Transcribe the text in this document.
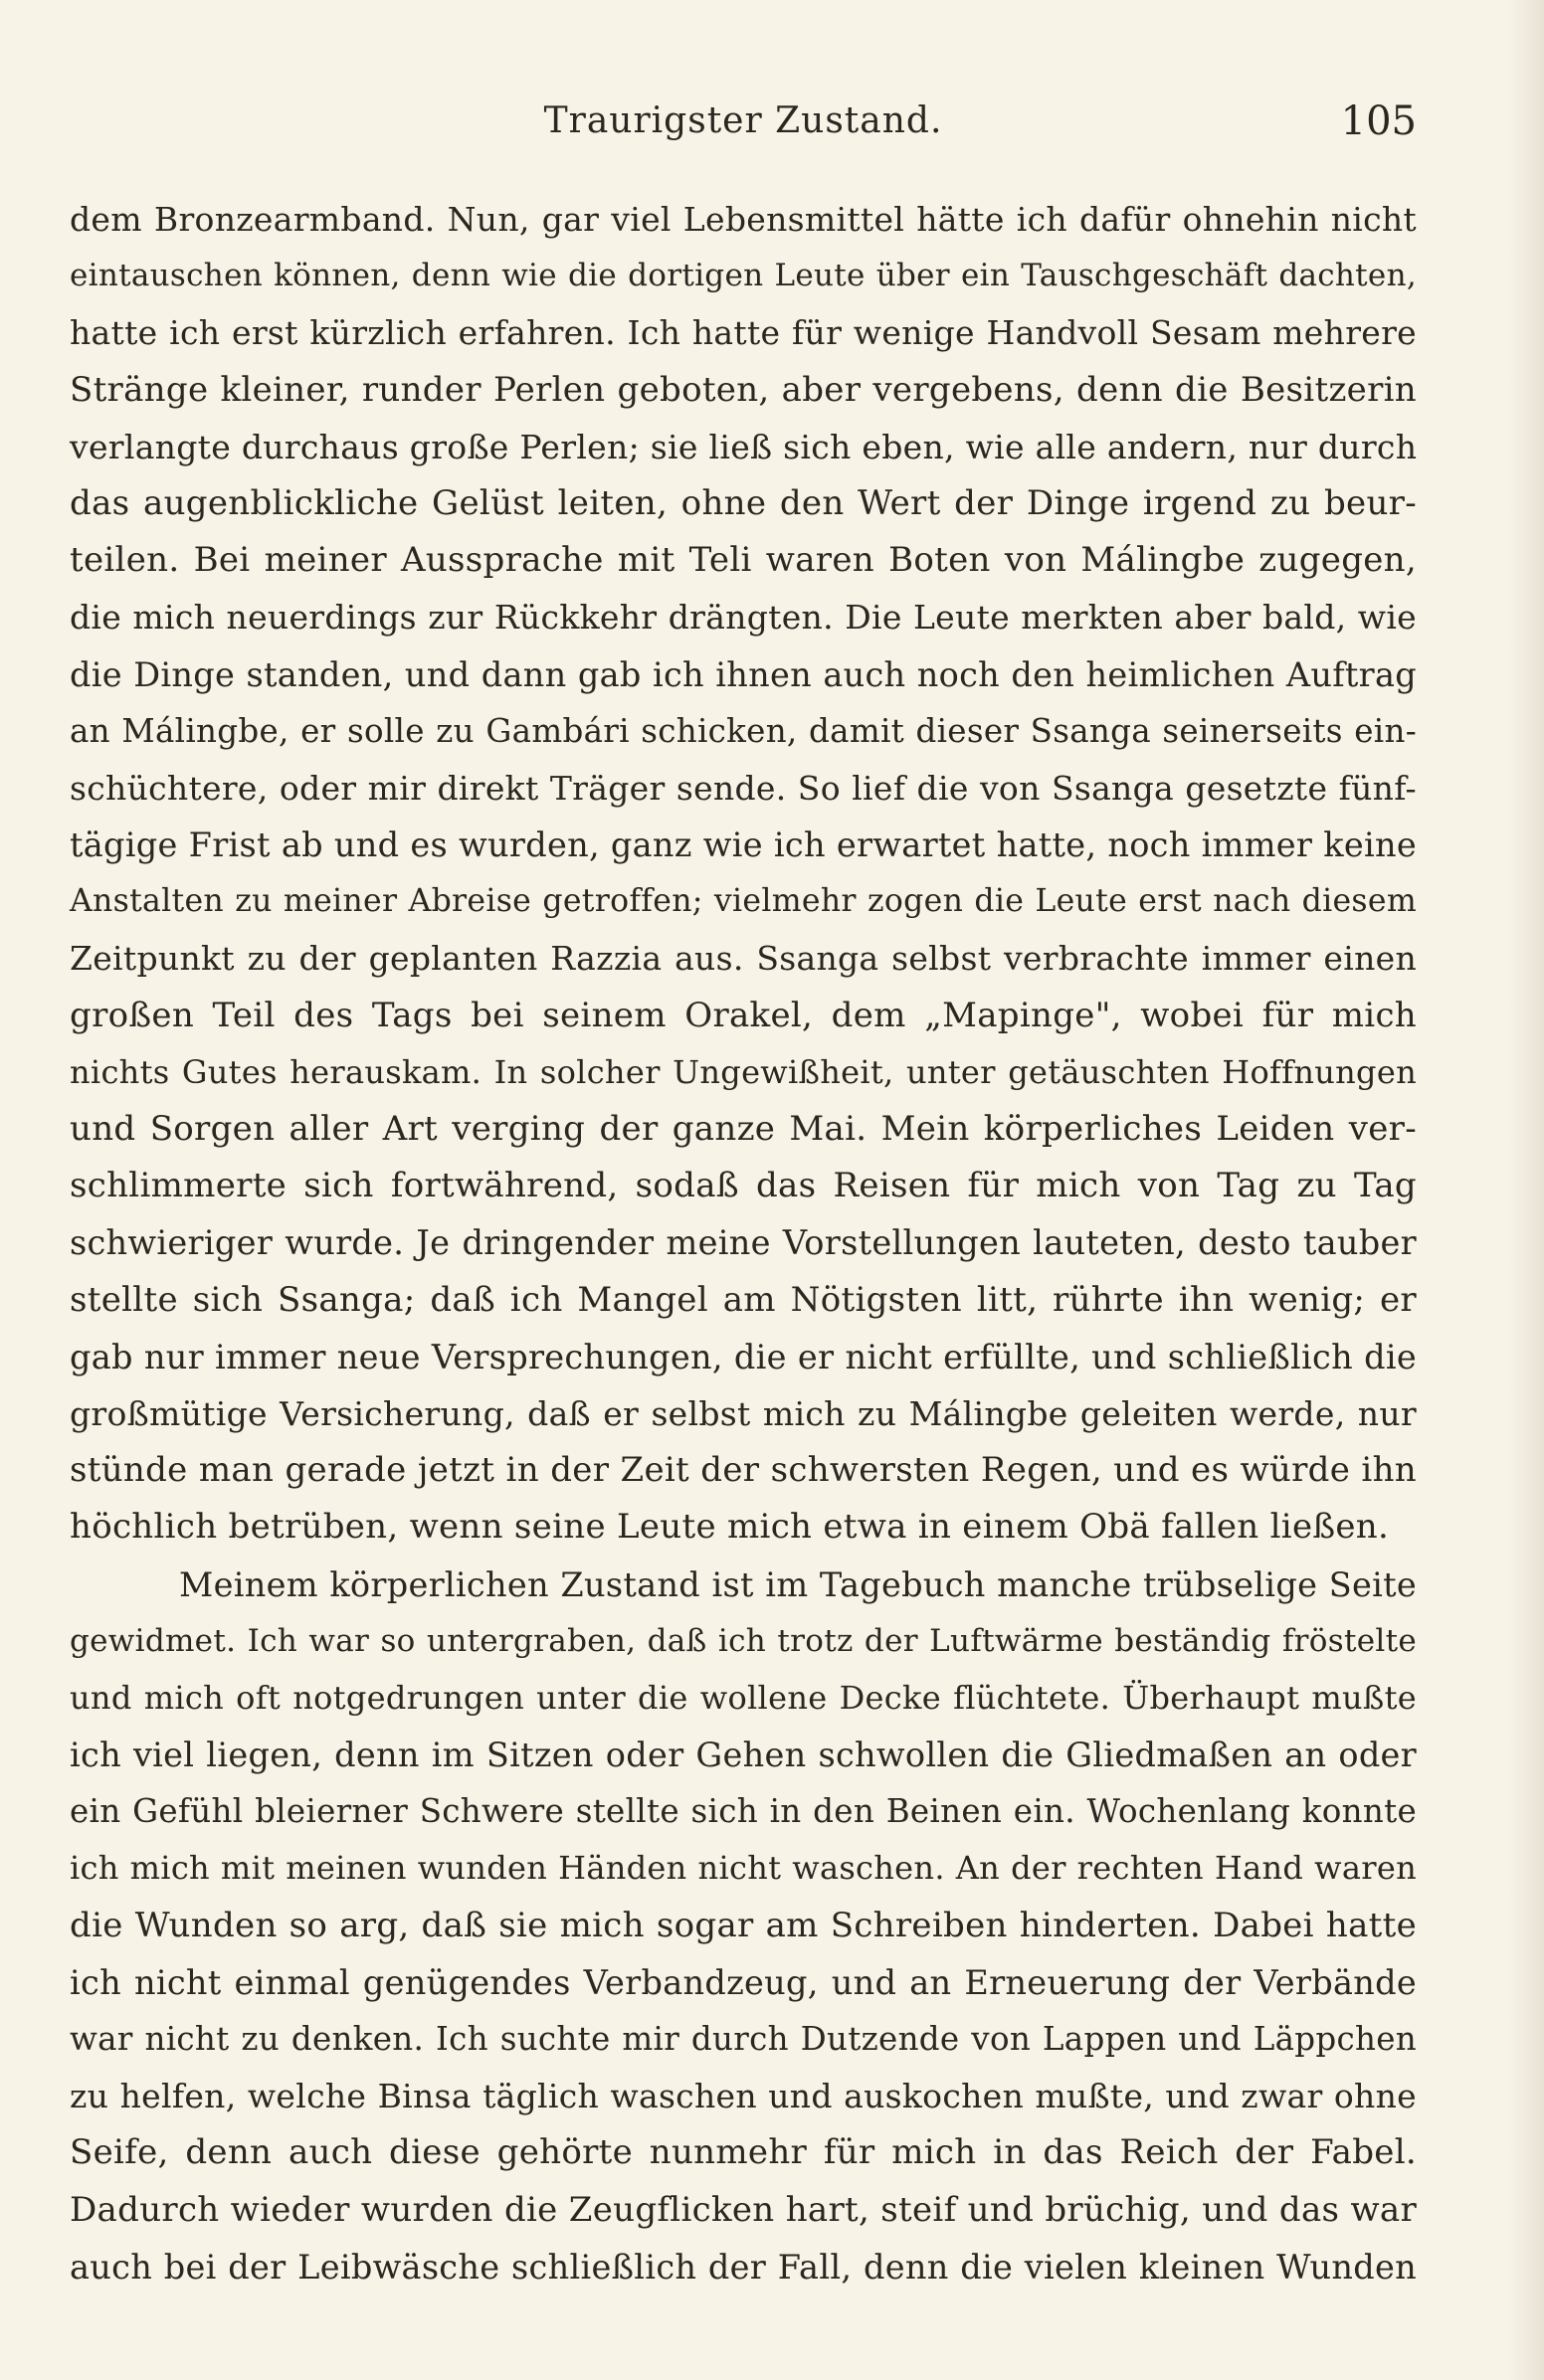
Traurigster Zustand.	105
dem Bronzearmband. Nun, gar viel Lebensmittel hätte ich dafür ohnehin nicht
eintauschen können, denn wie die dortigen Leute über ein Tauschgeschäft dachten,
hatte ich erst kürzlich erfahren. Ich hatte für wenige Handvoll Sesam mehrere
Stränge kleiner, runder Perlen geboten, aber vergebens, denn die Besitzerin
verlangte durchaus große Perlen; sie ließ sich eben, wie alle andern, nur durch
das augenblickliche Gelüst leiten, ohne den Wert der Dinge irgend zu beur-
teilen. Bei meiner Aussprache mit Teli waren Boten von Málingbe zugegen,
die mich neuerdings zur Rückkehr drängten. Die Leute merkten aber bald, wie
die Dinge standen, und dann gab ich ihnen auch noch den heimlichen Auftrag
an Málingbe, er solle zu Gambári schicken, damit dieser Ssanga seinerseits ein-
schüchtere, oder mir direkt Träger sende. So lief die von Ssanga gesetzte fünf-
tägige Frist ab und es wurden, ganz wie ich erwartet hatte, noch immer keine
Anstalten zu meiner Abreise getroffen; vielmehr zogen die Leute erst nach diesem
Zeitpunkt zu der geplanten Razzia aus. Ssanga selbst verbrachte immer einen
großen Teil des Tags bei seinem Orakel, dem „Mapinge", wobei für mich
nichts Gutes herauskam. In solcher Ungewißheit, unter getäuschten Hoffnungen
und Sorgen aller Art verging der ganze Mai. Mein körperliches Leiden ver-
schlimmerte sich fortwährend, sodaß das Reisen für mich von Tag zu Tag
schwieriger wurde. Je dringender meine Vorstellungen lauteten, desto tauber
stellte sich Ssanga; daß ich Mangel am Nötigsten litt, rührte ihn wenig; er
gab nur immer neue Versprechungen, die er nicht erfüllte, und schließlich die
großmütige Versicherung, daß er selbst mich zu Málingbe geleiten werde, nur
stünde man gerade jetzt in der Zeit der schwersten Regen, und es würde ihn
höchlich betrüben, wenn seine Leute mich etwa in einem Obä fallen ließen.
Meinem körperlichen Zustand ist im Tagebuch manche trübselige Seite
gewidmet. Ich war so untergraben, daß ich trotz der Luftwärme beständig fröstelte
und mich oft notgedrungen unter die wollene Decke flüchtete. Überhaupt mußte
ich viel liegen, denn im Sitzen oder Gehen schwollen die Gliedmaßen an oder
ein Gefühl bleierner Schwere stellte sich in den Beinen ein. Wochenlang konnte
ich mich mit meinen wunden Händen nicht waschen. An der rechten Hand waren
die Wunden so arg, daß sie mich sogar am Schreiben hinderten. Dabei hatte
ich nicht einmal genügendes Verbandzeug, und an Erneuerung der Verbände
war nicht zu denken. Ich suchte mir durch Dutzende von Lappen und Läppchen
zu helfen, welche Binsa täglich waschen und auskochen mußte, und zwar ohne
Seife, denn auch diese gehörte nunmehr für mich in das Reich der Fabel.
Dadurch wieder wurden die Zeugflicken hart, steif und brüchig, und das war
auch bei der Leibwäsche schließlich der Fall, denn die vielen kleinen Wunden
